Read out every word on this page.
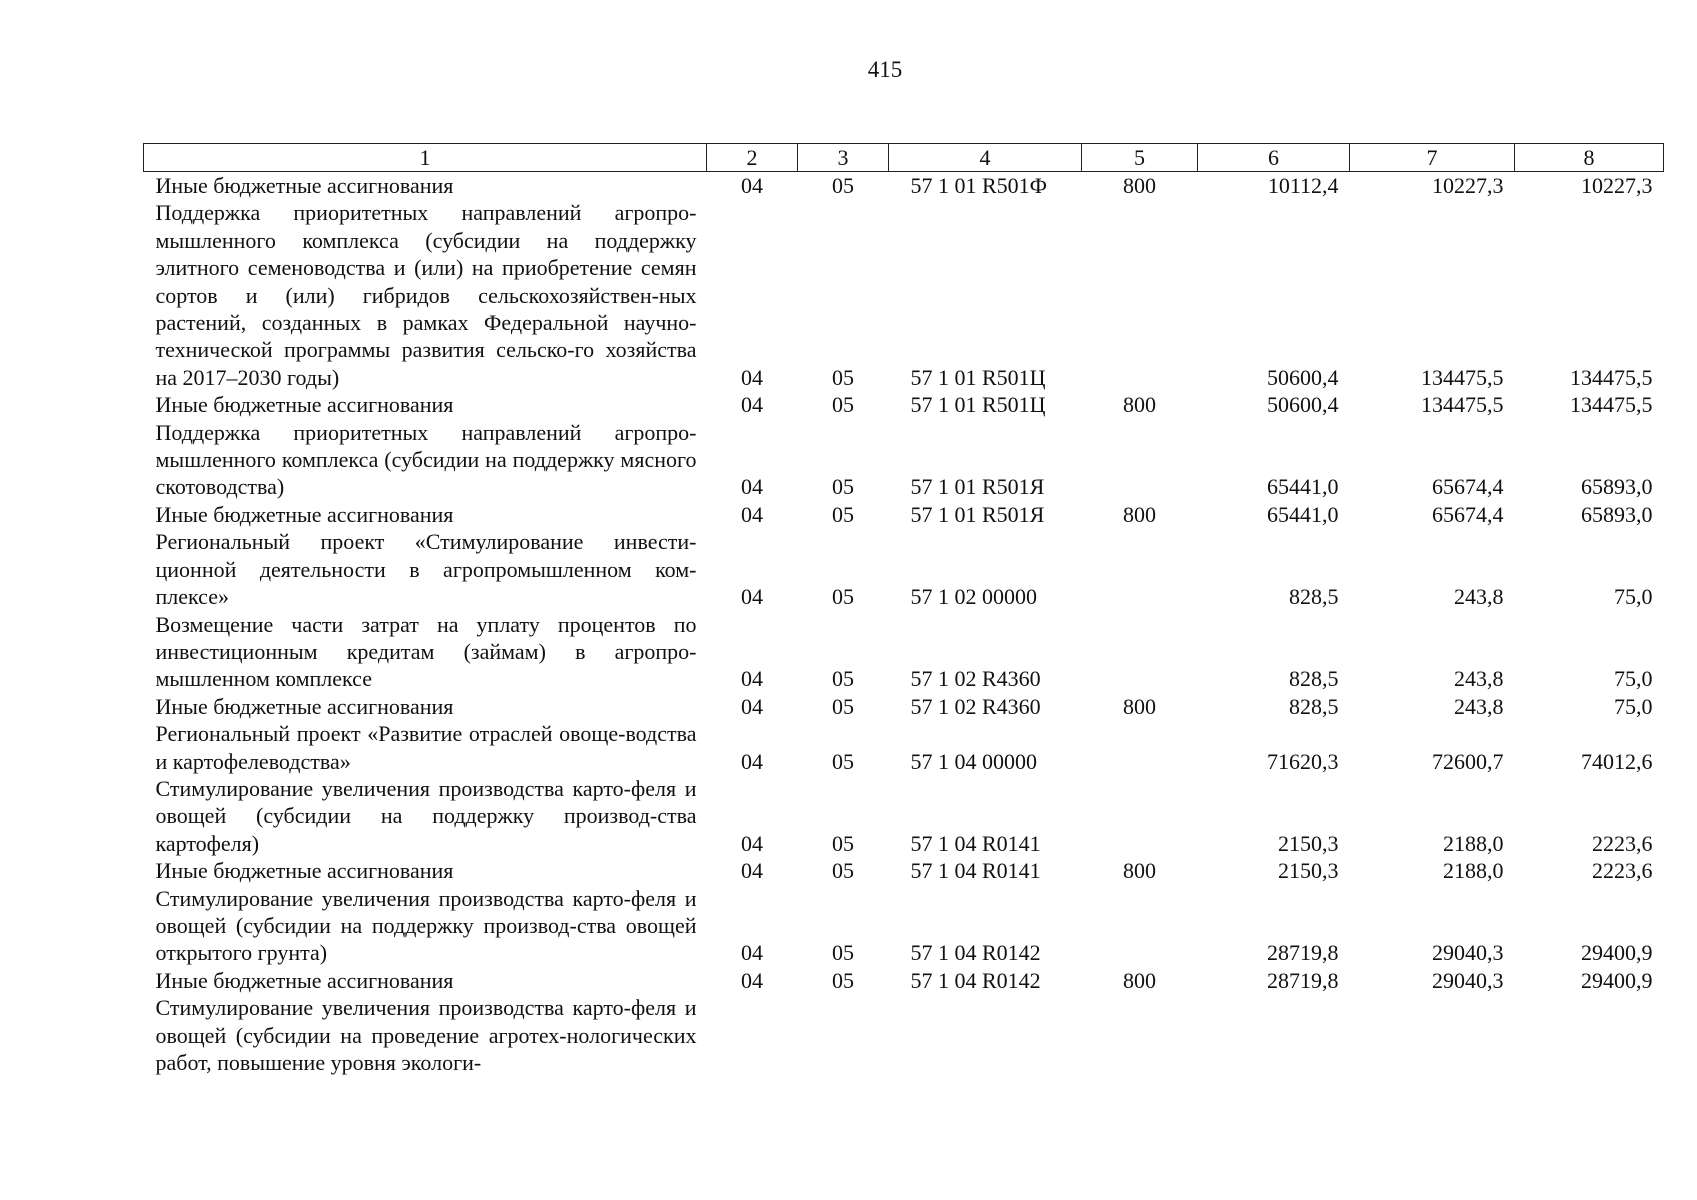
415
1	2	3	4	5	6	7	8
Иные бюджетные ассигнования	04	05	57 1 01 R501Ф	800	10112,4	10227,3	10227,3
Поддержка приоритетных направлений агропро-мышленного комплекса (субсидии на поддержку элитного семеноводства и (или) на приобретение семян сортов и (или) гибридов сельскохозяйствен-ных растений, созданных в рамках Федеральной научно-технической программы развития сельско-го хозяйства на 2017–2030 годы)	04	05	57 1 01 R501Ц		50600,4	134475,5	134475,5
Иные бюджетные ассигнования	04	05	57 1 01 R501Ц	800	50600,4	134475,5	134475,5
Поддержка приоритетных направлений агропро-мышленного комплекса (субсидии на поддержку мясного скотоводства)	04	05	57 1 01 R501Я		65441,0	65674,4	65893,0
Иные бюджетные ассигнования	04	05	57 1 01 R501Я	800	65441,0	65674,4	65893,0
Региональный проект «Стимулирование инвести-ционной деятельности в агропромышленном ком-плексе»	04	05	57 1 02 00000		828,5	243,8	75,0
Возмещение части затрат на уплату процентов по инвестиционным кредитам (займам) в агропро-мышленном комплексе	04	05	57 1 02 R4360		828,5	243,8	75,0
Иные бюджетные ассигнования	04	05	57 1 02 R4360	800	828,5	243,8	75,0
Региональный проект «Развитие отраслей овоще-водства и картофелеводства»	04	05	57 1 04 00000		71620,3	72600,7	74012,6
Стимулирование увеличения производства карто-феля и овощей (субсидии на поддержку производ-ства картофеля)	04	05	57 1 04 R0141		2150,3	2188,0	2223,6
Иные бюджетные ассигнования	04	05	57 1 04 R0141	800	2150,3	2188,0	2223,6
Стимулирование увеличения производства карто-феля и овощей (субсидии на поддержку производ-ства овощей открытого грунта)	04	05	57 1 04 R0142		28719,8	29040,3	29400,9
Иные бюджетные ассигнования	04	05	57 1 04 R0142	800	28719,8	29040,3	29400,9
Стимулирование увеличения производства карто-феля и овощей (субсидии на проведение агротех-нологических работ, повышение уровня экологи-							
